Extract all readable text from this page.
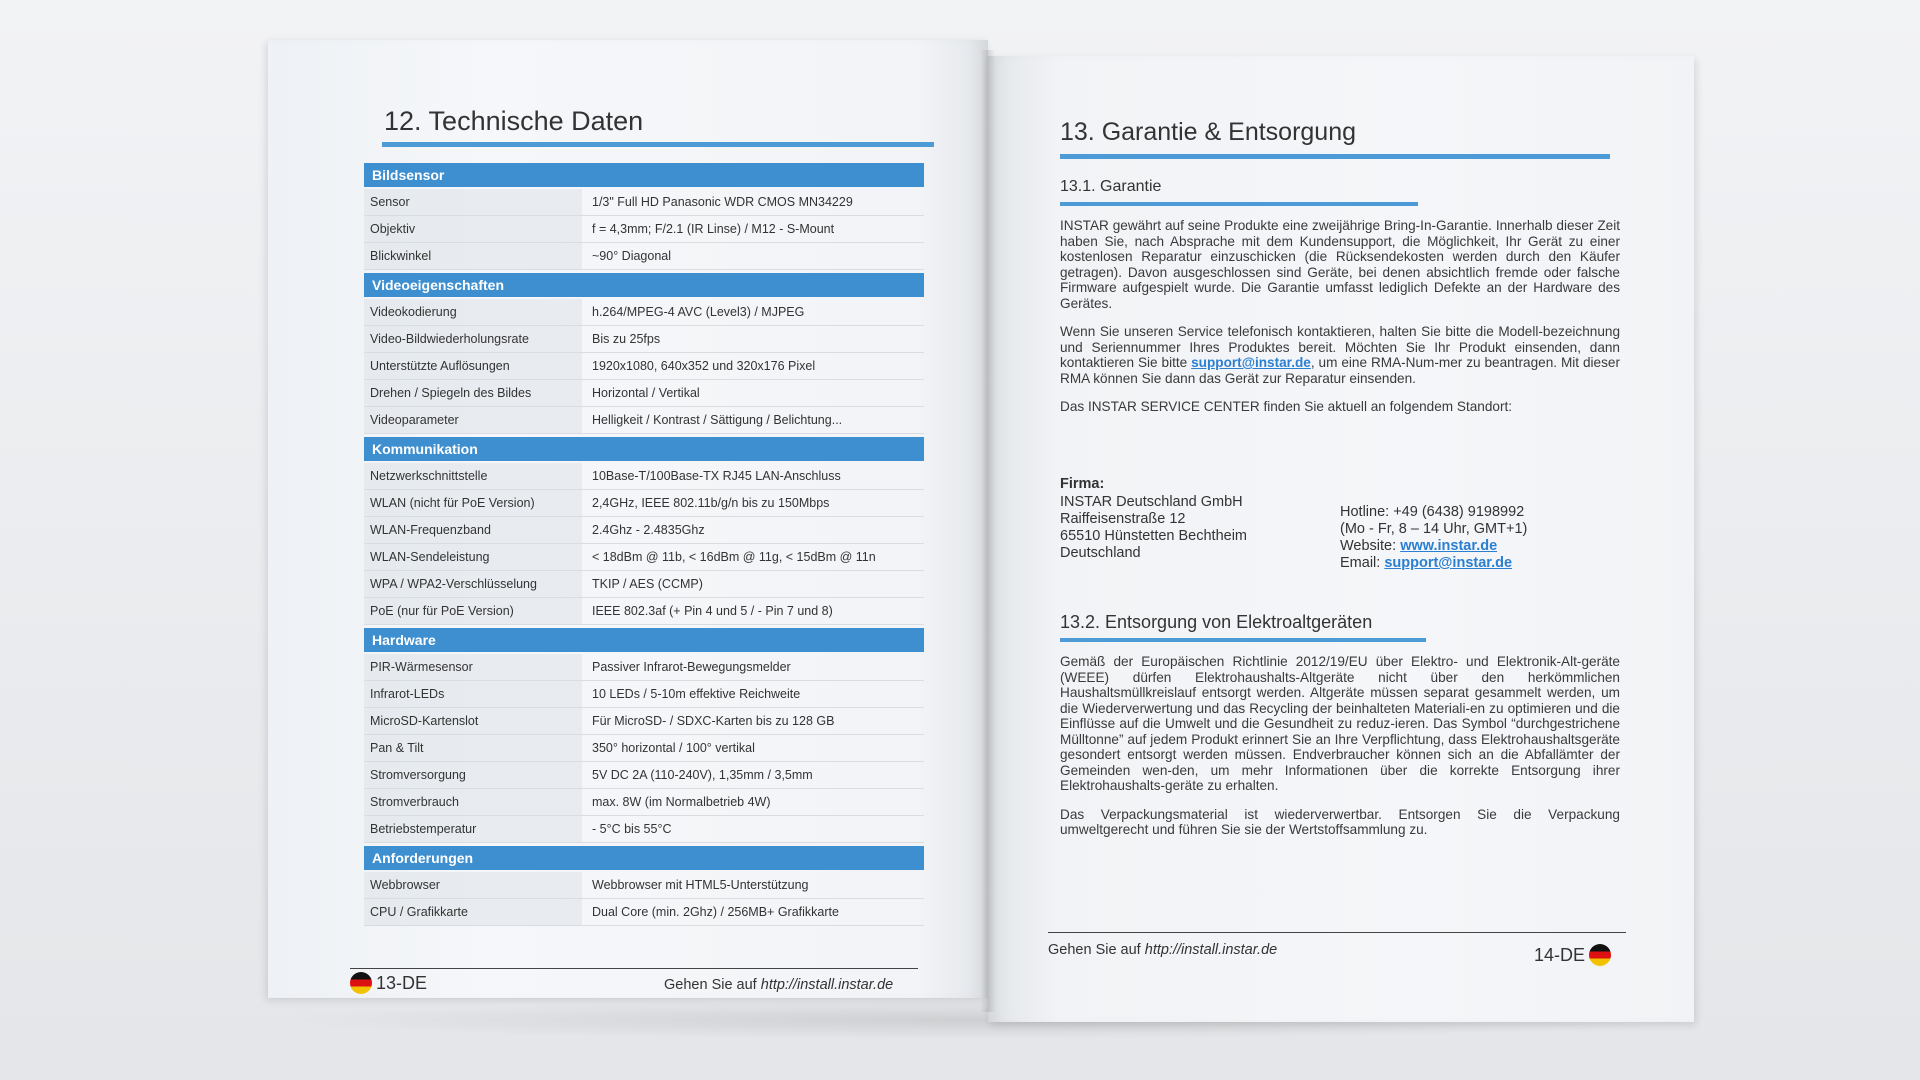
12. Technische Daten
Bildsensor
Sensor	1/3" Full HD Panasonic WDR CMOS MN34229
Objektiv	f = 4,3mm; F/2.1 (IR Linse) / M12 - S-Mount
Blickwinkel	~90° Diagonal
Videoeigenschaften
Videokodierung	h.264/MPEG-4 AVC (Level3) / MJPEG
Video-Bildwiederholungsrate	Bis zu 25fps
Unterstützte Auflösungen	1920x1080, 640x352 und 320x176 Pixel
Drehen / Spiegeln des Bildes	Horizontal / Vertikal
Videoparameter	Helligkeit / Kontrast / Sättigung / Belichtung...
Kommunikation
Netzwerkschnittstelle	10Base-T/100Base-TX RJ45 LAN-Anschluss
WLAN (nicht für PoE Version)	2,4GHz, IEEE 802.11b/g/n bis zu 150Mbps
WLAN-Frequenzband	2.4Ghz - 2.4835Ghz
WLAN-Sendeleistung	< 18dBm @ 11b, < 16dBm @ 11g, < 15dBm @ 11n
WPA / WPA2-Verschlüsselung	TKIP / AES (CCMP)
PoE (nur für PoE Version)	IEEE 802.3af (+ Pin 4 und 5 / - Pin 7 und 8)
Hardware
PIR-Wärmesensor	Passiver Infrarot-Bewegungsmelder
Infrarot-LEDs	10 LEDs / 5-10m effektive Reichweite
MicroSD-Kartenslot	Für MicroSD- / SDXC-Karten bis zu 128 GB
Pan & Tilt	350° horizontal / 100° vertikal
Stromversorgung	5V DC 2A (110-240V), 1,35mm / 3,5mm
Stromverbrauch	max. 8W (im Normalbetrieb 4W)
Betriebstemperatur	- 5°C bis 55°C
Anforderungen
Webbrowser	Webbrowser mit HTML5-Unterstützung
CPU / Grafikkarte	Dual Core (min. 2Ghz) / 256MB+ Grafikkarte
13-DE	Gehen Sie auf http://install.instar.de
13. Garantie & Entsorgung
13.1. Garantie

INSTAR gewährt auf seine Produkte eine zweijährige Bring-In-Garantie. Innerhalb dieser Zeit haben Sie, nach Absprache mit dem Kundensupport, die Möglichkeit, Ihr Gerät zu einer kostenlosen Reparatur einzuschicken (die Rücksendekosten werden durch den Käufer getragen). Davon ausgeschlossen sind Geräte, bei denen absichtlich fremde oder falsche Firmware aufgespielt wurde. Die Garantie umfasst lediglich Defekte an der Hardware des Gerätes.

Wenn Sie unseren Service telefonisch kontaktieren, halten Sie bitte die Modell-bezeichnung und Seriennummer Ihres Produktes bereit. Möchten Sie Ihr Produkt einsenden, dann kontaktieren Sie bitte support@instar.de, um eine RMA-Num-mer zu beantragen. Mit dieser RMA können Sie dann das Gerät zur Reparatur einsenden.

Das INSTAR SERVICE CENTER finden Sie aktuell an folgendem Standort:

Firma:
INSTAR Deutschland GmbH
Raiffeisenstraße 12
65510 Hünstetten Bechtheim
Deutschland
Hotline: +49 (6438) 9198992
(Mo - Fr, 8 – 14 Uhr, GMT+1)
Website: www.instar.de
Email: support@instar.de
13.2. Entsorgung von Elektroaltgeräten

Gemäß der Europäischen Richtlinie 2012/19/EU über Elektro- und Elektronik-Alt-geräte (WEEE) dürfen Elektrohaushalts-Altgeräte nicht über den herkömmlichen Haushaltsmüllkreislauf entsorgt werden. Altgeräte müssen separat gesammelt werden, um die Wiederverwertung und das Recycling der beinhalteten Materiali-en zu optimieren und die Einflüsse auf die Umwelt und die Gesundheit zu reduz-ieren. Das Symbol “durchgestrichene Mülltonne” auf jedem Produkt erinnert Sie an Ihre Verpflichtung, dass Elektrohaushaltsgeräte gesondert entsorgt werden müssen. Endverbraucher können sich an die Abfallämter der Gemeinden wen-den, um mehr Informationen über die korrekte Entsorgung ihrer Elektrohaushalts-geräte zu erhalten.

Das Verpackungsmaterial ist wiederverwertbar. Entsorgen Sie die Verpackung umweltgerecht und führen Sie sie der Wertstoffsammlung zu.

Gehen Sie auf http://install.instar.de	14-DE
